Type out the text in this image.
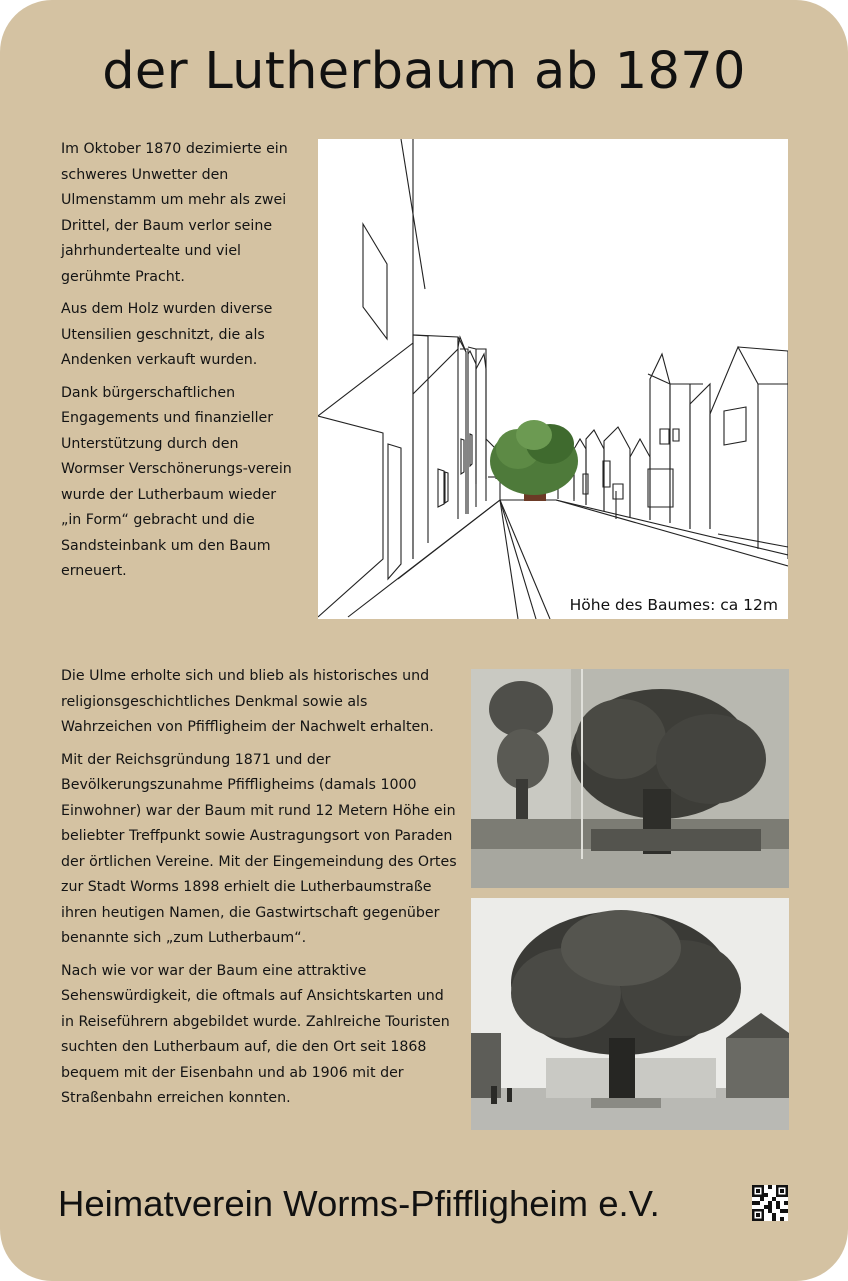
der Lutherbaum ab 1870

Im Oktober 1870 dezimierte ein schweres Unwetter den Ulmenstamm um mehr als zwei Drittel, der Baum verlor seine jahrhundertealte und viel gerühmte Pracht.

Aus dem Holz wurden diverse Utensilien geschnitzt, die als Andenken verkauft wurden.

Dank bürgerschaftlichen Engagements und finanzieller Unterstützung durch den Wormser Verschönerungs-verein wurde der Lutherbaum wieder „in Form“ gebracht und die Sandsteinbank um den Baum erneuert.

Höhe des Baumes: ca 12m

Die Ulme erholte sich und blieb als historisches und religionsgeschichtliches Denkmal sowie als Wahrzeichen von Pfiffligheim der Nachwelt erhalten.

Mit der Reichsgründung 1871 und der Bevölkerungszunahme Pfiffligheims (damals 1000 Einwohner) war der Baum mit rund 12 Metern Höhe ein beliebter Treffpunkt sowie Austragungsort von Paraden der örtlichen Vereine. Mit der Eingemeindung des Ortes zur Stadt Worms 1898 erhielt die Lutherbaumstraße ihren heutigen Namen, die Gastwirtschaft gegenüber benannte sich „zum Lutherbaum“.

Nach wie vor war der Baum eine attraktive Sehenswürdigkeit, die oftmals auf Ansichtskarten und in Reiseführern abgebildet wurde. Zahlreiche Touristen suchten den Lutherbaum auf, die den Ort seit 1868 bequem mit der Eisenbahn und ab 1906 mit der Straßenbahn erreichen konnten.

Heimatverein Worms-Pfiffligheim e.V.
